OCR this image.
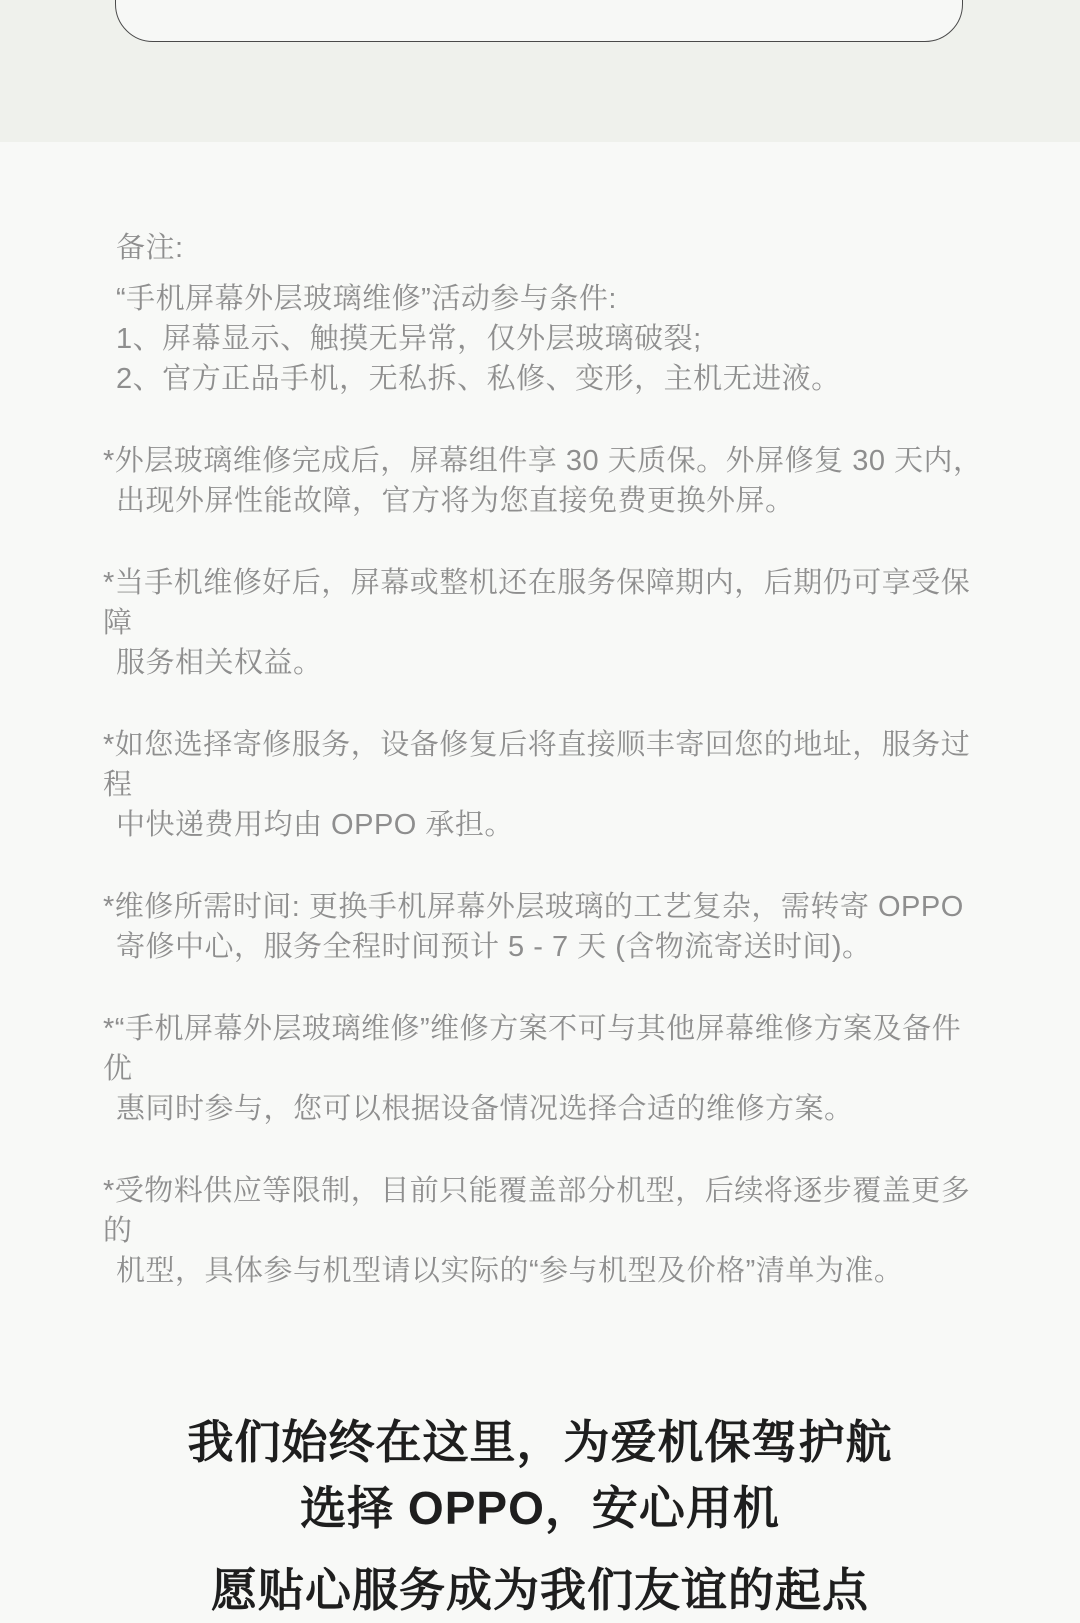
备注:
“手机屏幕外层玻璃维修”活动参与条件:
1、屏幕显示、触摸无异常，仅外层玻璃破裂;
2、官方正品手机，无私拆、私修、变形，主机无进液。
*外层玻璃维修完成后，屏幕组件享 30 天质保。外屏修复 30 天内，
出现外屏性能故障，官方将为您直接免费更换外屏。
*当手机维修好后，屏幕或整机还在服务保障期内，后期仍可享受保障
服务相关权益。
*如您选择寄修服务，设备修复后将直接顺丰寄回您的地址，服务过程
中快递费用均由 OPPO 承担。
*维修所需时间: 更换手机屏幕外层玻璃的工艺复杂，需转寄 OPPO
寄修中心，服务全程时间预计 5 - 7 天 (含物流寄送时间)。
*“手机屏幕外层玻璃维修”维修方案不可与其他屏幕维修方案及备件优
惠同时参与，您可以根据设备情况选择合适的维修方案。
*受物料供应等限制，目前只能覆盖部分机型，后续将逐步覆盖更多的
机型，具体参与机型请以实际的“参与机型及价格”清单为准。
我们始终在这里，为爱机保驾护航
选择 OPPO，安心用机
愿贴心服务成为我们友谊的起点
